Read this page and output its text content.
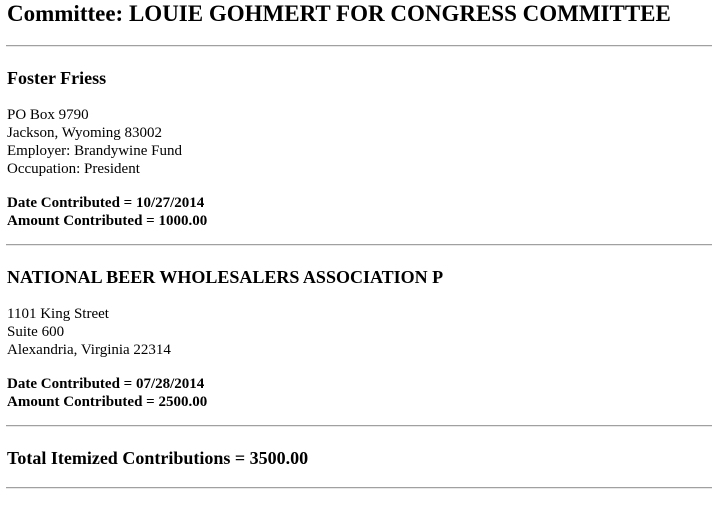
Committee: LOUIE GOHMERT FOR CONGRESS COMMITTEE
Foster Friess
PO Box 9790
Jackson, Wyoming 83002
Employer: Brandywine Fund
Occupation: President
Date Contributed = 10/27/2014
Amount Contributed = 1000.00
NATIONAL BEER WHOLESALERS ASSOCIATION P
1101 King Street
Suite 600
Alexandria, Virginia 22314
Date Contributed = 07/28/2014
Amount Contributed = 2500.00
Total Itemized Contributions = 3500.00
